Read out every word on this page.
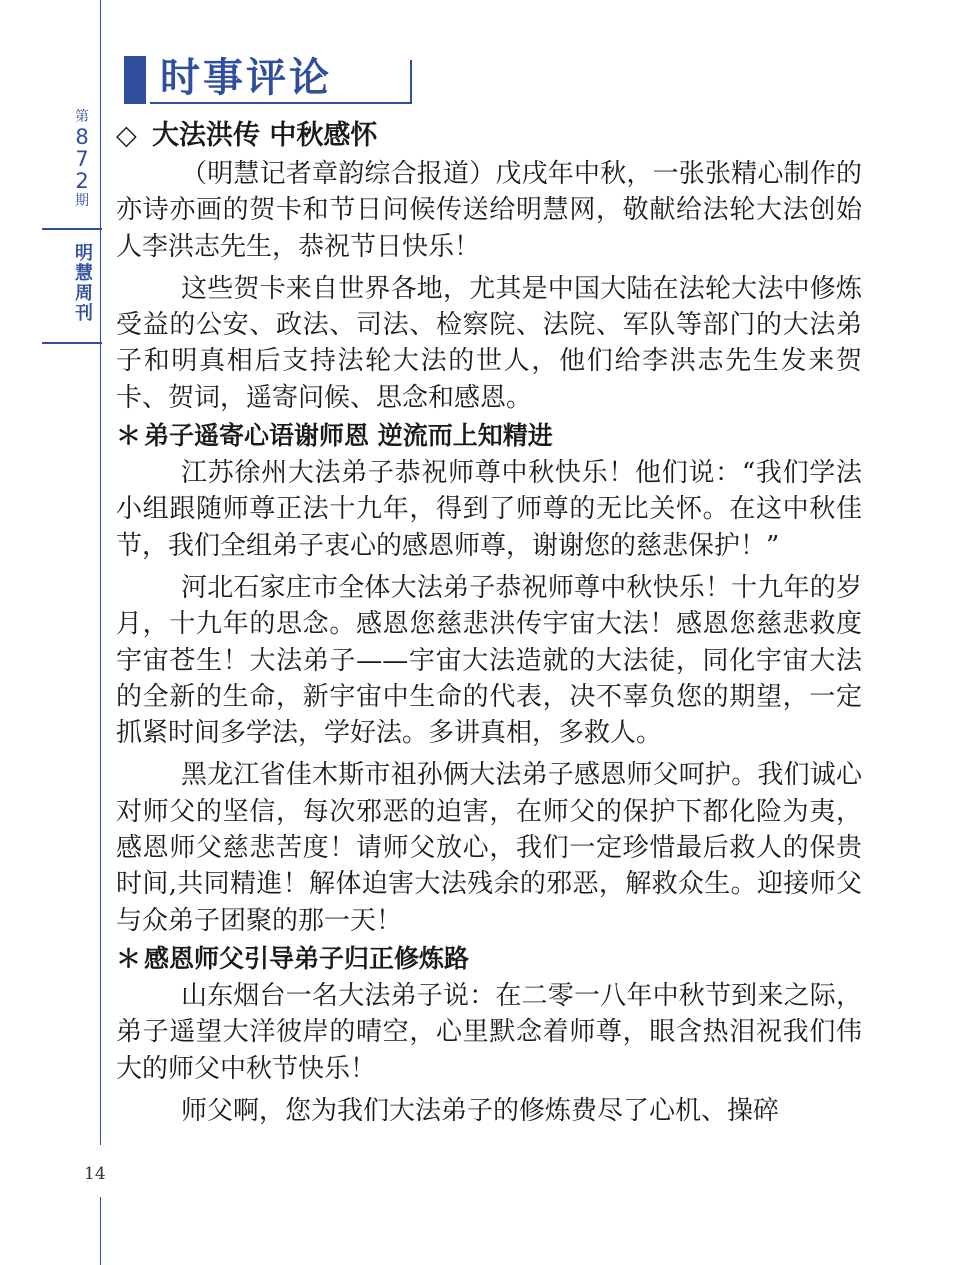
第
8
7
2
期
明
慧
周
刊
时事评论
◇ 大法洪传 中秋感怀

（明慧记者章韵综合报道）戊戌年中秋，一张张精心制作的亦诗亦画的贺卡和节日问候传送给明慧网，敬献给法轮大法创始人李洪志先生，恭祝节日快乐！

这些贺卡来自世界各地，尤其是中国大陆在法轮大法中修炼受益的公安、政法、司法、检察院、法院、军队等部门的大法弟子和明真相后支持法轮大法的世人，他们给李洪志先生发来贺卡、贺词，遥寄问候、思念和感恩。

＊ 弟子遥寄心语谢师恩 逆流而上知精进

江苏徐州大法弟子恭祝师尊中秋快乐！他们说：“我们学法小组跟随师尊正法十九年，得到了师尊的无比关怀。在这中秋佳节，我们全组弟子衷心的感恩师尊，谢谢您的慈悲保护！”

河北石家庄市全体大法弟子恭祝师尊中秋快乐！十九年的岁月，十九年的思念。感恩您慈悲洪传宇宙大法！感恩您慈悲救度宇宙苍生！大法弟子——宇宙大法造就的大法徒，同化宇宙大法的全新的生命，新宇宙中生命的代表，决不辜负您的期望，一定抓紧时间多学法，学好法。多讲真相，多救人。

黑龙江省佳木斯市祖孙俩大法弟子感恩师父呵护。我们诚心对师父的坚信，每次邪恶的迫害，在师父的保护下都化险为夷，感恩师父慈悲苦度！请师父放心，我们一定珍惜最后救人的保贵时间,共同精進！解体迫害大法残余的邪恶，解救众生。迎接师父与众弟子团聚的那一天！

＊ 感恩师父引导弟子归正修炼路

山东烟台一名大法弟子说：在二零一八年中秋节到来之际，弟子遥望大洋彼岸的晴空，心里默念着师尊，眼含热泪祝我们伟大的师父中秋节快乐！

师父啊，您为我们大法弟子的修炼费尽了心机、操碎

14
